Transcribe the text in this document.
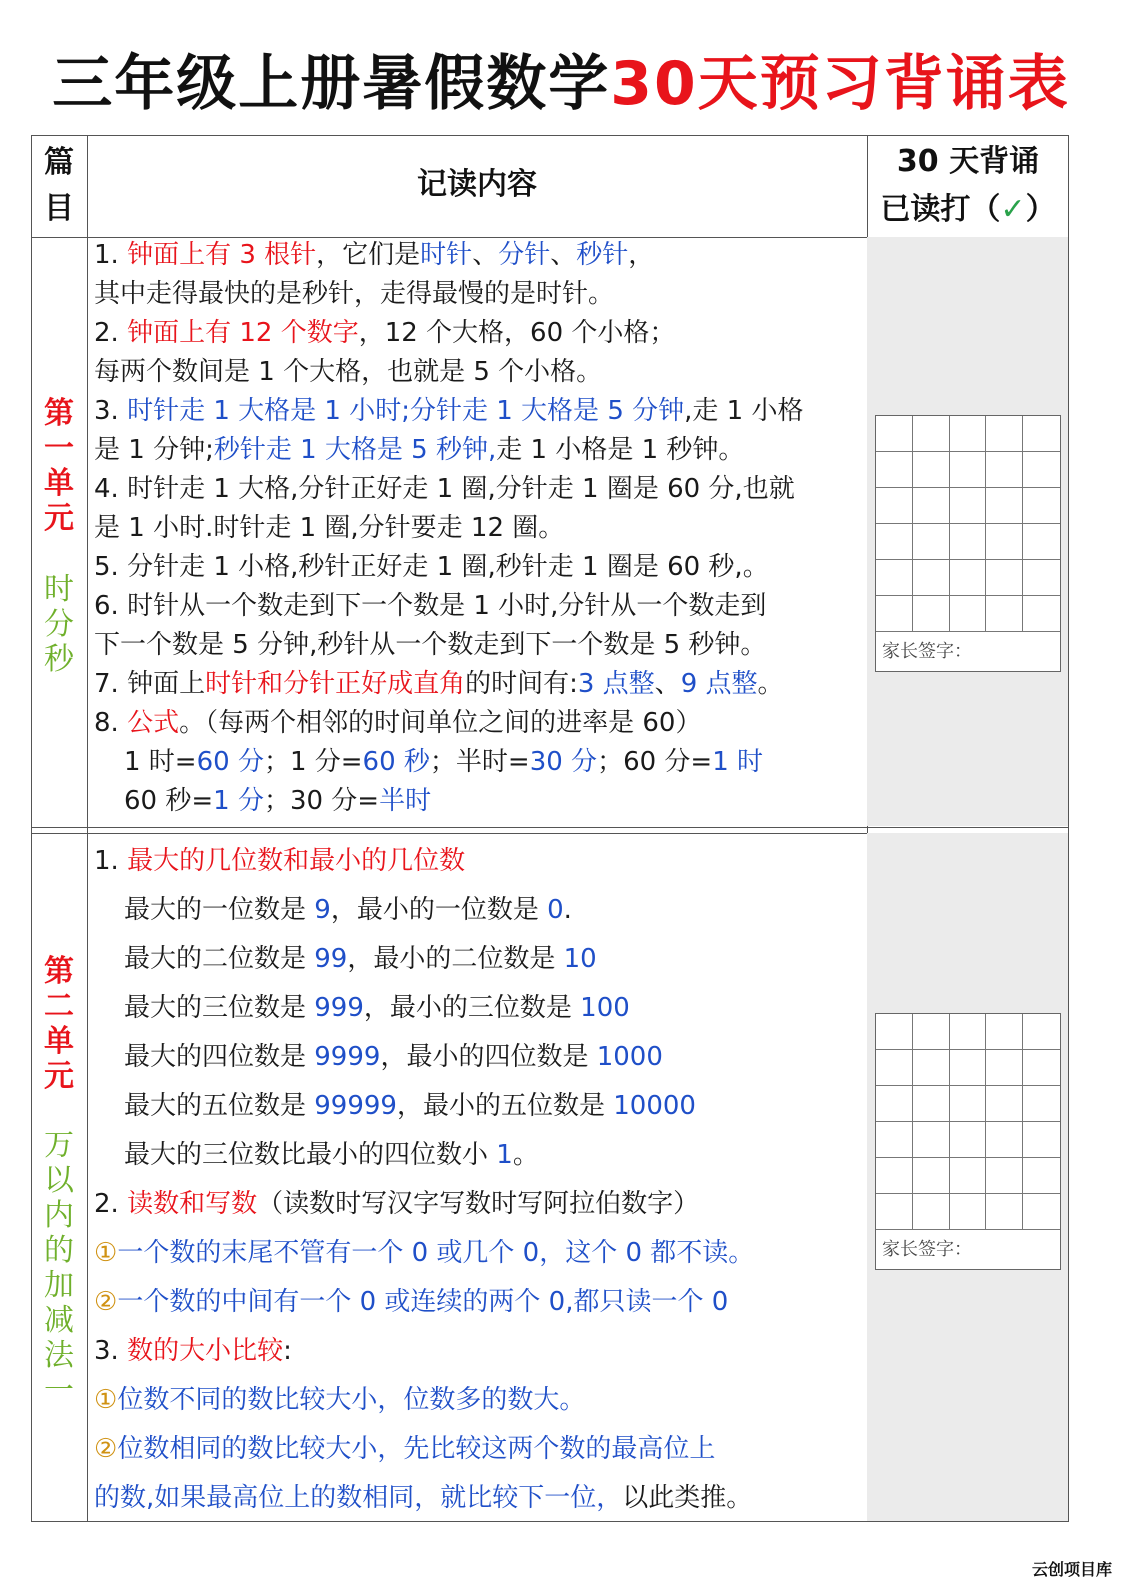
三年级上册暑假数学30天预习背诵表
篇
目
记读内容
30 天背诵
已读打（✓）
第
一
单
元
时
分
秒
1. 钟面上有 3 根针，它们是时针、分针、秒针，
其中走得最快的是秒针，走得最慢的是时针。
2. 钟面上有 12 个数字，12 个大格，60 个小格；
每两个数间是 1 个大格，也就是 5 个小格。
3. 时针走 1 大格是 1 小时;分针走 1 大格是 5 分钟,走 1 小格
是 1 分钟;秒针走 1 大格是 5 秒钟,走 1 小格是 1 秒钟。
4. 时针走 1 大格,分针正好走 1 圈,分针走 1 圈是 60 分,也就
是 1 小时.时针走 1 圈,分针要走 12 圈。
5. 分针走 1 小格,秒针正好走 1 圈,秒针走 1 圈是 60 秒,。
6. 时针从一个数走到下一个数是 1 小时,分针从一个数走到
下一个数是 5 分钟,秒针从一个数走到下一个数是 5 秒钟。
7. 钟面上时针和分针正好成直角的时间有:3 点整、9 点整。
8. 公式。（每两个相邻的时间单位之间的进率是 60）
1 时=60 分；1 分=60 秒；半时=30 分；60 分=1 时
60 秒=1 分；30 分=半时
家长签字：
第
二
单
元
万
以
内
的
加
减
法
一
1. 最大的几位数和最小的几位数
最大的一位数是 9，最小的一位数是 0.
最大的二位数是 99，最小的二位数是 10
最大的三位数是 999，最小的三位数是 100
最大的四位数是 9999，最小的四位数是 1000
最大的五位数是 99999，最小的五位数是 10000
最大的三位数比最小的四位数小 1。
2. 读数和写数（读数时写汉字写数时写阿拉伯数字）
①一个数的末尾不管有一个 0 或几个 0，这个 0 都不读。
②一个数的中间有一个 0 或连续的两个 0,都只读一个 0
3. 数的大小比较:
①位数不同的数比较大小，位数多的数大。
②位数相同的数比较大小，先比较这两个数的最高位上
的数,如果最高位上的数相同，就比较下一位，以此类推。
家长签字：
云创项目库
